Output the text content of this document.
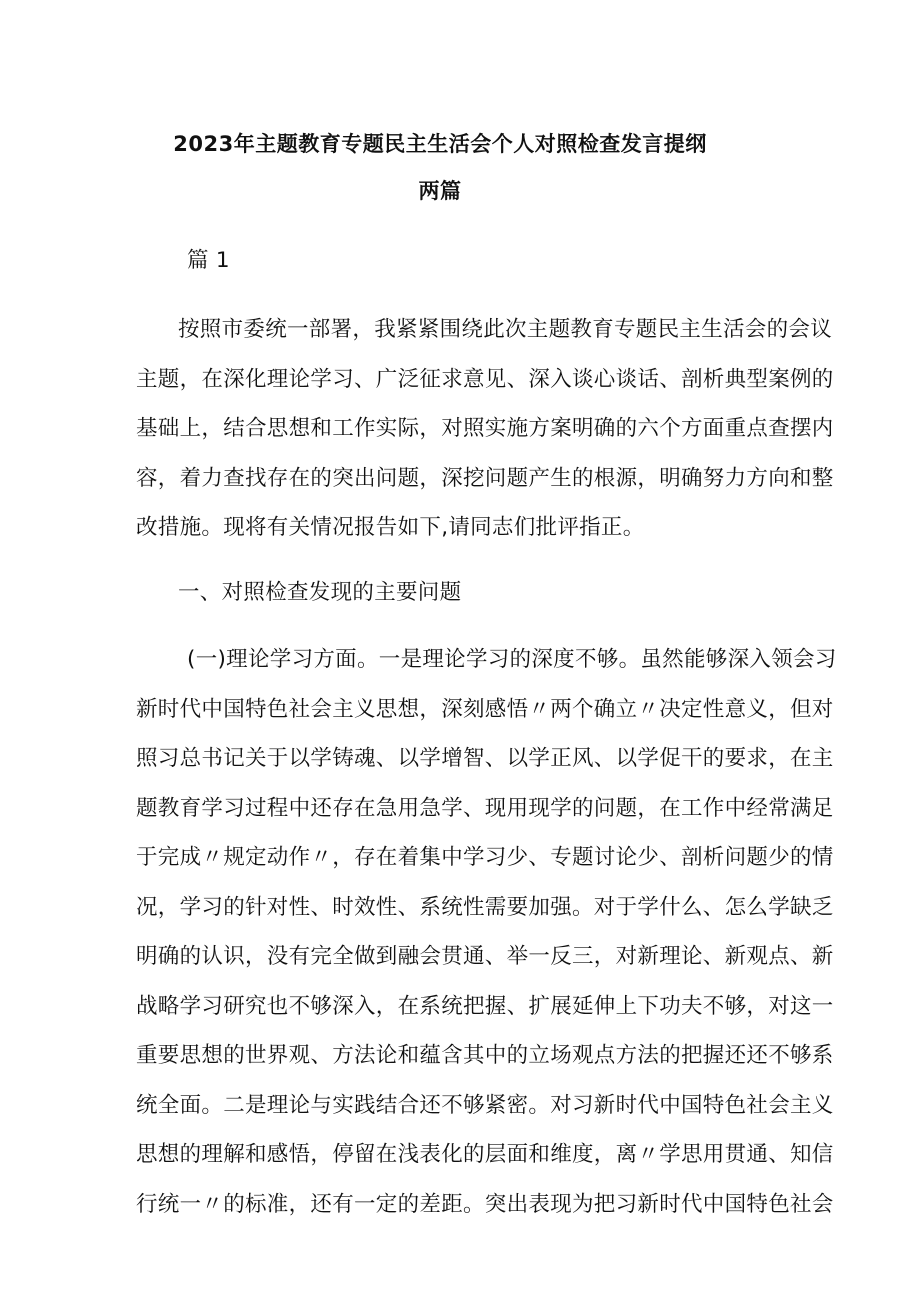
2023年主题教育专题民主生活会个人对照检查发言提纲
两篇
篇 1
按照市委统一部署，我紧紧围绕此次主题教育专题民主生活会的会议
主题，在深化理论学习、广泛征求意见、深入谈心谈话、剖析典型案例的
基础上，结合思想和工作实际，对照实施方案明确的六个方面重点查摆内
容，着力查找存在的突出问题，深挖问题产生的根源，明确努力方向和整
改措施。现将有关情况报告如下,请同志们批评指正。
一、对照检查发现的主要问题
(一)理论学习方面。一是理论学习的深度不够。虽然能够深入领会习
新时代中国特色社会主义思想，深刻感悟〃两个确立〃决定性意义，但对
照习总书记关于以学铸魂、以学增智、以学正风、以学促干的要求，在主
题教育学习过程中还存在急用急学、现用现学的问题，在工作中经常满足
于完成〃规定动作〃，存在着集中学习少、专题讨论少、剖析问题少的情
况，学习的针对性、时效性、系统性需要加强。对于学什么、怎么学缺乏
明确的认识，没有完全做到融会贯通、举一反三，对新理论、新观点、新
战略学习研究也不够深入，在系统把握、扩展延伸上下功夫不够，对这一
重要思想的世界观、方法论和蕴含其中的立场观点方法的把握还还不够系
统全面。二是理论与实践结合还不够紧密。对习新时代中国特色社会主义
思想的理解和感悟，停留在浅表化的层面和维度，离〃学思用贯通、知信
行统一〃的标准，还有一定的差距。突出表现为把习新时代中国特色社会
